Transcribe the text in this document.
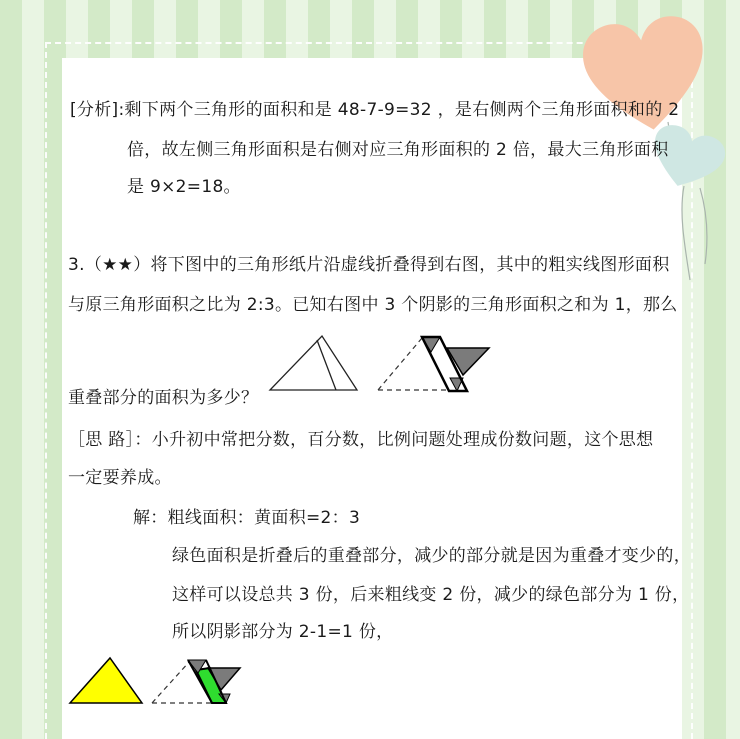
[分析]:剩下两个三角形的面积和是 48-7-9=32 ，是右侧两个三角形面积和的 2
倍，故左侧三角形面积是右侧对应三角形面积的 2 倍，最大三角形面积
是 9×2=18。
3.（★★）将下图中的三角形纸片沿虚线折叠得到右图，其中的粗实线图形面积
与原三角形面积之比为 2:3。已知右图中 3 个阴影的三角形面积之和为 1，那么
重叠部分的面积为多少？
［思 路］：小升初中常把分数，百分数，比例问题处理成份数问题，这个思想
一定要养成。
解：粗线面积：黄面积=2：3
绿色面积是折叠后的重叠部分，减少的部分就是因为重叠才变少的，
这样可以设总共 3 份，后来粗线变 2 份，减少的绿色部分为 1 份，
所以阴影部分为 2-1=1 份，
